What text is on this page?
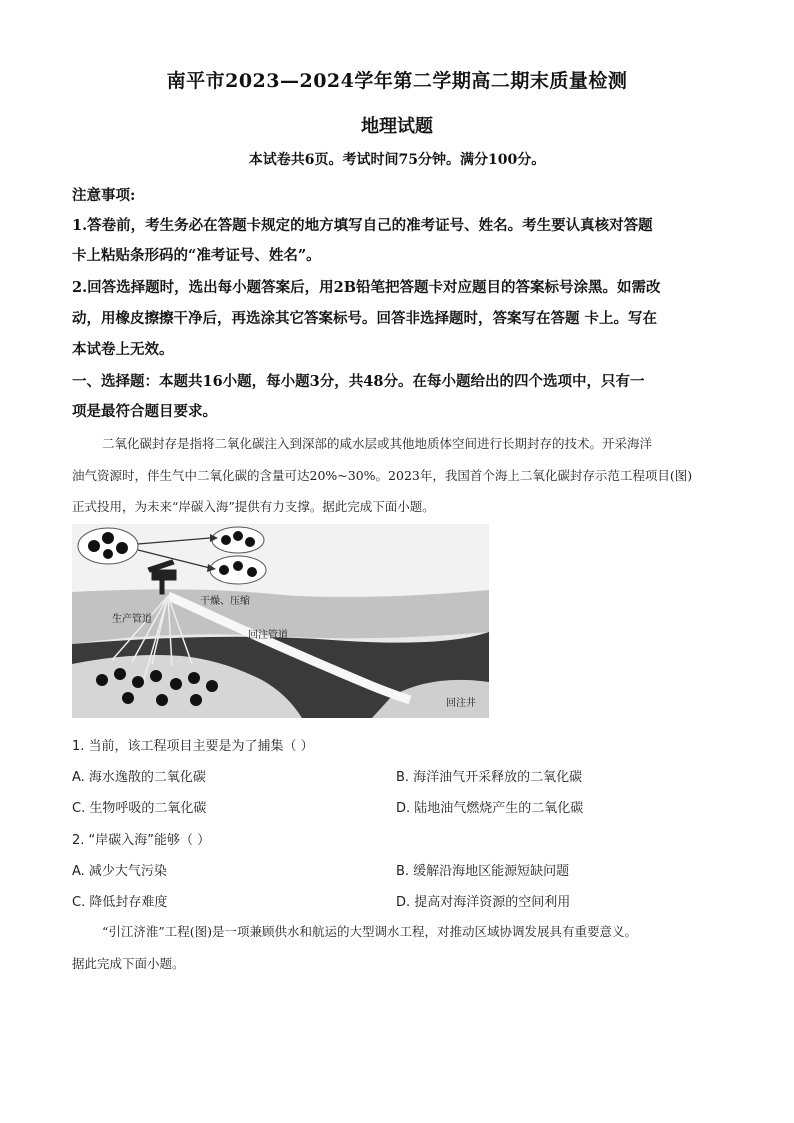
南平市2023—2024学年第二学期高二期末质量检测
地理试题
本试卷共6页。考试时间75分钟。满分100分。
注意事项:
1.答卷前，考生务必在答题卡规定的地方填写自己的准考证号、姓名。考生要认真核对答题
卡上粘贴条形码的“准考证号、姓名”。
2.回答选择题时，选出每小题答案后，用2B铅笔把答题卡对应题目的答案标号涂黑。如需改
动，用橡皮擦擦干净后，再选涂其它答案标号。回答非选择题时，答案写在答题 卡上。写在
本试卷上无效。
一、选择题：本题共16小题，每小题3分，共48分。在每小题给出的四个选项中，只有一
项是最符合题目要求。
二氧化碳封存是指将二氧化碳注入到深部的咸水层或其他地质体空间进行长期封存的技术。开采海洋
油气资源时，伴生气中二氧化碳的含量可达20%~30%。2023年，我国首个海上二氧化碳封存示范工程项目(图)
正式投用，为未来“岸碳入海”提供有力支撑。据此完成下面小题。
干燥、压缩
生产管道
回注管道
回注井
1. 当前，该工程项目主要是为了捕集（ ）
A. 海水逸散的二氧化碳	B. 海洋油气开采释放的二氧化碳
C. 生物呼吸的二氧化碳	D. 陆地油气燃烧产生的二氧化碳
2. “岸碳入海”能够（ ）
A. 减少大气污染	B. 缓解沿海地区能源短缺问题
C. 降低封存难度	D. 提高对海洋资源的空间利用
“引江济淮”工程(图)是一项兼顾供水和航运的大型调水工程，对推动区域协调发展具有重要意义。
据此完成下面小题。
